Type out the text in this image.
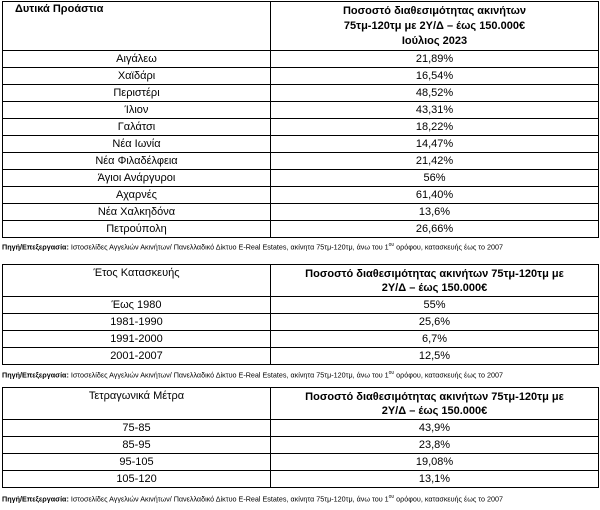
Δυτικά Προάστια	Ποσοστό διαθεσιμότητας ακινήτων
75τμ-120τμ με 2Υ/Δ – έως 150.000€
Ιούλιος 2023

Αιγάλεω	21,89%
Χαϊδάρι	16,54%
Περιστέρι	48,52%
Ίλιον	43,31%
Γαλάτσι	18,22%
Νέα Ιωνία	14,47%
Νέα Φιλαδέλφεια	21,42%
Άγιοι Ανάργυροι	56%
Αχαρνές	61,40%
Νέα Χαλκηδόνα	13,6%
Πετρούπολη	26,66%
Πηγή/Επεξεργασία: Ιστοσελίδες Αγγελιών Ακινήτων/ Πανελλαδικό Δίκτυο E-Real Estates, ακίνητα 75τμ-120τμ, άνω του $1^{o\upsilon}$ ορόφου, κατασκευής έως το 2007
Έτος Κατασκευής	Ποσοστό διαθεσιμότητας ακινήτων 75τμ-120τμ με
2Υ/Δ – έως 150.000€

Έως 1980	55%
1981-1990	25,6%
1991-2000	6,7%
2001-2007	12,5%
Πηγή/Επεξεργασία: Ιστοσελίδες Αγγελιών Ακινήτων/ Πανελλαδικό Δίκτυο E-Real Estates, ακίνητα 75τμ-120τμ, άνω του $1^{o\upsilon}$ ορόφου, κατασκευής έως το 2007
Τετραγωνικά Μέτρα	Ποσοστό διαθεσιμότητας ακινήτων 75τμ-120τμ με
2Υ/Δ – έως 150.000€

75-85	43,9%
85-95	23,8%
95-105	19,08%
105-120	13,1%
Πηγή/Επεξεργασία: Ιστοσελίδες Αγγελιών Ακινήτων/ Πανελλαδικό Δίκτυο E-Real Estates, ακίνητα 75τμ-120τμ, άνω του $1^{o\upsilon}$ ορόφου, κατασκευής έως το 2007
